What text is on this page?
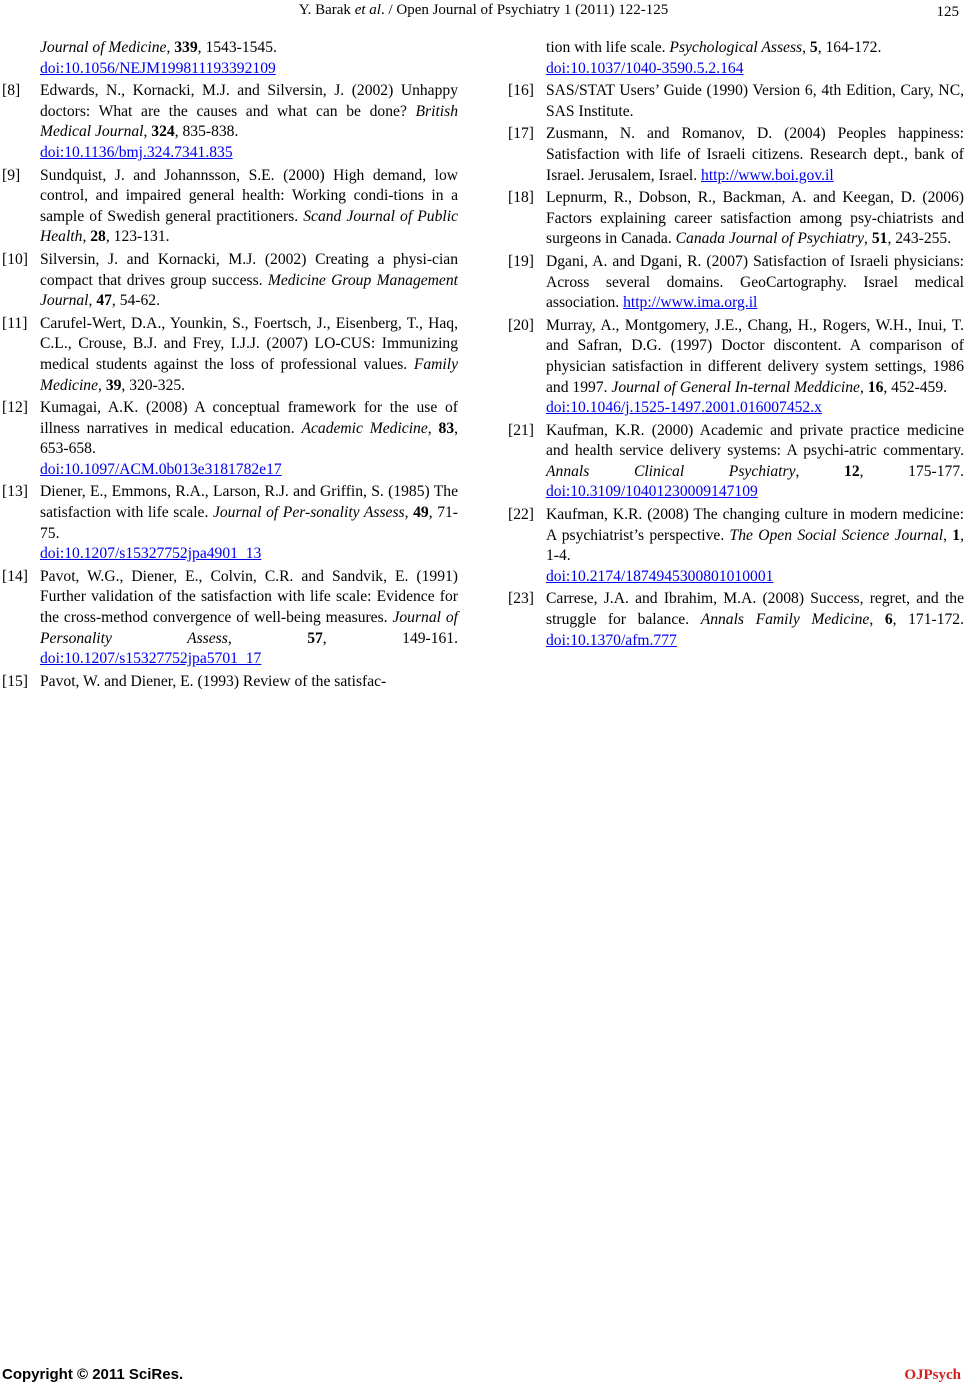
Y. Barak et al. / Open Journal of Psychiatry 1 (2011) 122-125	125
Journal of Medicine, 339, 1543-1545.
doi:10.1056/NEJM199811193392109
[8] Edwards, N., Kornacki, M.J. and Silversin, J. (2002) Unhappy doctors: What are the causes and what can be done? British Medical Journal, 324, 835-838.
doi:10.1136/bmj.324.7341.835
[9] Sundquist, J. and Johannsson, S.E. (2000) High demand, low control, and impaired general health: Working condi-tions in a sample of Swedish general practitioners. Scand Journal of Public Health, 28, 123-131.
[10] Silversin, J. and Kornacki, M.J. (2002) Creating a physi-cian compact that drives group success. Medicine Group Management Journal, 47, 54-62.
[11] Carufel-Wert, D.A., Younkin, S., Foertsch, J., Eisenberg, T., Haq, C.L., Crouse, B.J. and Frey, I.J.J. (2007) LO-CUS: Immunizing medical students against the loss of professional values. Family Medicine, 39, 320-325.
[12] Kumagai, A.K. (2008) A conceptual framework for the use of illness narratives in medical education. Academic Medicine, 83, 653-658.
doi:10.1097/ACM.0b013e3181782e17
[13] Diener, E., Emmons, R.A., Larson, R.J. and Griffin, S. (1985) The satisfaction with life scale. Journal of Per-sonality Assess, 49, 71-75.
doi:10.1207/s15327752jpa4901_13
[14] Pavot, W.G., Diener, E., Colvin, C.R. and Sandvik, E. (1991) Further validation of the satisfaction with life scale: Evidence for the cross-method convergence of well-being measures. Journal of Personality Assess, 57, 149-161. doi:10.1207/s15327752jpa5701_17
[15] Pavot, W. and Diener, E. (1993) Review of the satisfac-
tion with life scale. Psychological Assess, 5, 164-172.
doi:10.1037/1040-3590.5.2.164
[16] SAS/STAT Users’ Guide (1990) Version 6, 4th Edition, Cary, NC, SAS Institute.
[17] Zusmann, N. and Romanov, D. (2004) Peoples happiness: Satisfaction with life of Israeli citizens. Research dept., bank of Israel. Jerusalem, Israel. http://www.boi.gov.il
[18] Lepnurm, R., Dobson, R., Backman, A. and Keegan, D. (2006) Factors explaining career satisfaction among psy-chiatrists and surgeons in Canada. Canada Journal of Psychiatry, 51, 243-255.
[19] Dgani, A. and Dgani, R. (2007) Satisfaction of Israeli physicians: Across several domains. GeoCartography. Israel medical association. http://www.ima.org.il
[20] Murray, A., Montgomery, J.E., Chang, H., Rogers, W.H., Inui, T. and Safran, D.G. (1997) Doctor discontent. A comparison of physician satisfaction in different delivery system settings, 1986 and 1997. Journal of General In-ternal Meddicine, 16, 452-459.
doi:10.1046/j.1525-1497.2001.016007452.x
[21] Kaufman, K.R. (2000) Academic and private practice medicine and health service delivery systems: A psychi-atric commentary. Annals Clinical Psychiatry, 12, 175-177. doi:10.3109/10401230009147109
[22] Kaufman, K.R. (2008) The changing culture in modern medicine: A psychiatrist’s perspective. The Open Social Science Journal, 1, 1-4.
doi:10.2174/1874945300801010001
[23] Carrese, J.A. and Ibrahim, M.A. (2008) Success, regret, and the struggle for balance. Annals Family Medicine, 6, 171-172. doi:10.1370/afm.777
Copyright © 2011 SciRes.	OJPsych
